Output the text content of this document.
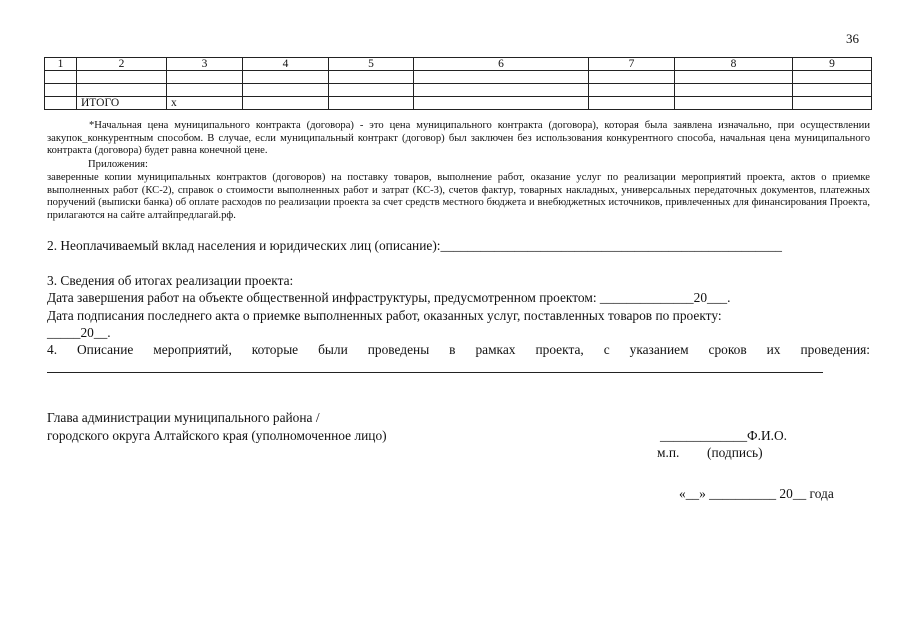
36
1	2	3	4	5	6	7	8	9

	ИТОГО	х						
*Начальная цена муниципального контракта (договора) - это цена муниципального контракта (договора), которая была заявлена изначально, при осуществлении закупок_конкурентным способом. В случае, если муниципальный контракт (договор) был заключен без использования конкурентного способа, начальная цена муниципального контракта (договора) будет равна конечной цене.
Приложения:
заверенные копии муниципальных контрактов (договоров) на поставку товаров, выполнение работ, оказание услуг по реализации мероприятий проекта, актов о приемке выполненных работ (КС-2), справок о стоимости выполненных работ и затрат (КС-3), счетов фактур, товарных накладных, универсальных передаточных документов, платежных поручений (выписки банка) об оплате расходов по реализации проекта за счет средств местного бюджета и внебюджетных источников, привлеченных для финансирования Проекта, прилагаются на сайте алтайпредлагай.рф.
2. Неоплачиваемый вклад населения и юридических лиц (описание):___________________________________________________
3. Сведения об итогах реализации проекта:
Дата завершения работ на объекте общественной инфраструктуры, предусмотренном проектом: ______________20___.
Дата подписания последнего акта о приемке выполненных работ, оказанных услуг, поставленных товаров по проекту:
_____20__.
4. Описание мероприятий, которые были проведены в рамках проекта, с указанием сроков их проведения:
Глава администрации муниципального района /
городского округа Алтайского края (уполномоченное лицо)	_____________Ф.И.О.
м.п. (подпись)
«__» __________ 20__ года
